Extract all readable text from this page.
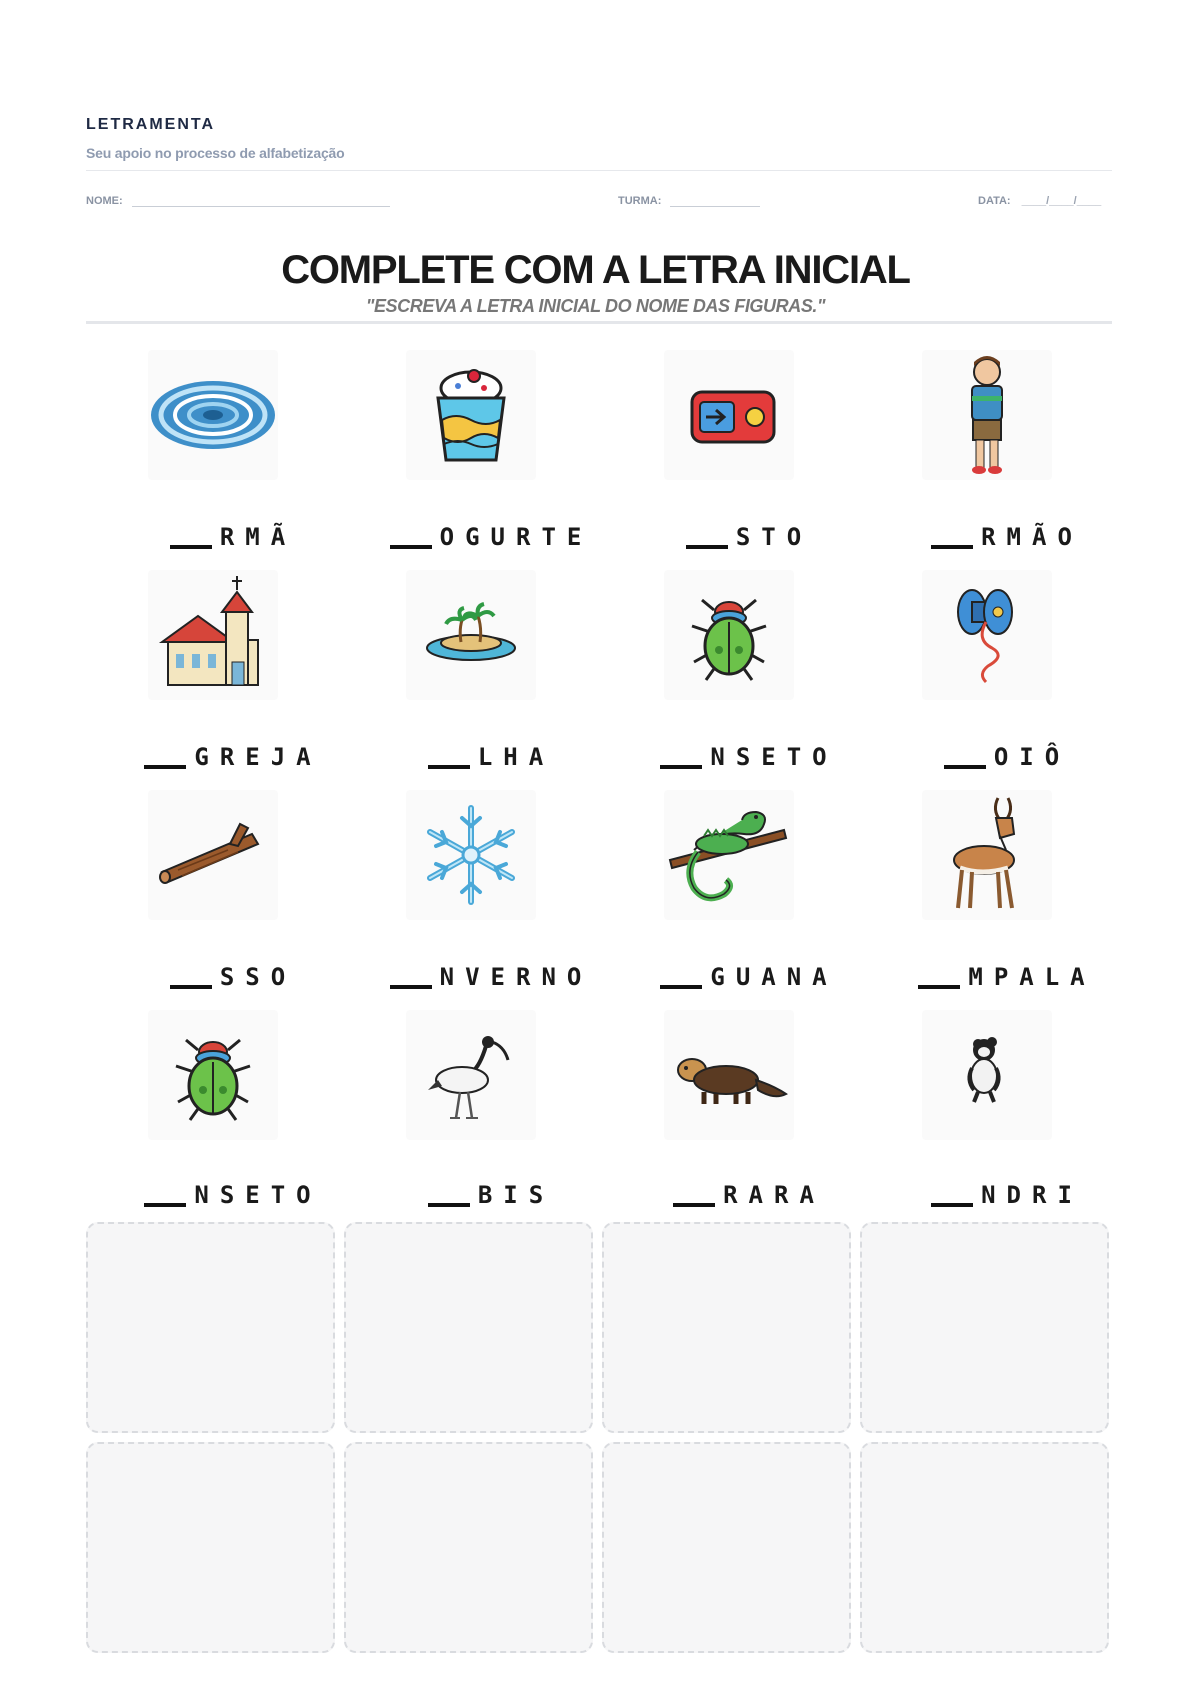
LETRAMENTA
Seu apoio no processo de alfabetização
NOME:	TURMA:	DATA: ____/____/____
COMPLETE COM A LETRA INICIAL
"ESCREVA A LETRA INICIAL DO NOME DAS FIGURAS."
RMÃ	OGURTE	STO	RMÃO
GREJA	LHA	NSETO	OIÔ
SSO	NVERNO	GUANA	MPALA
NSETO	BIS	RARA	NDRI
